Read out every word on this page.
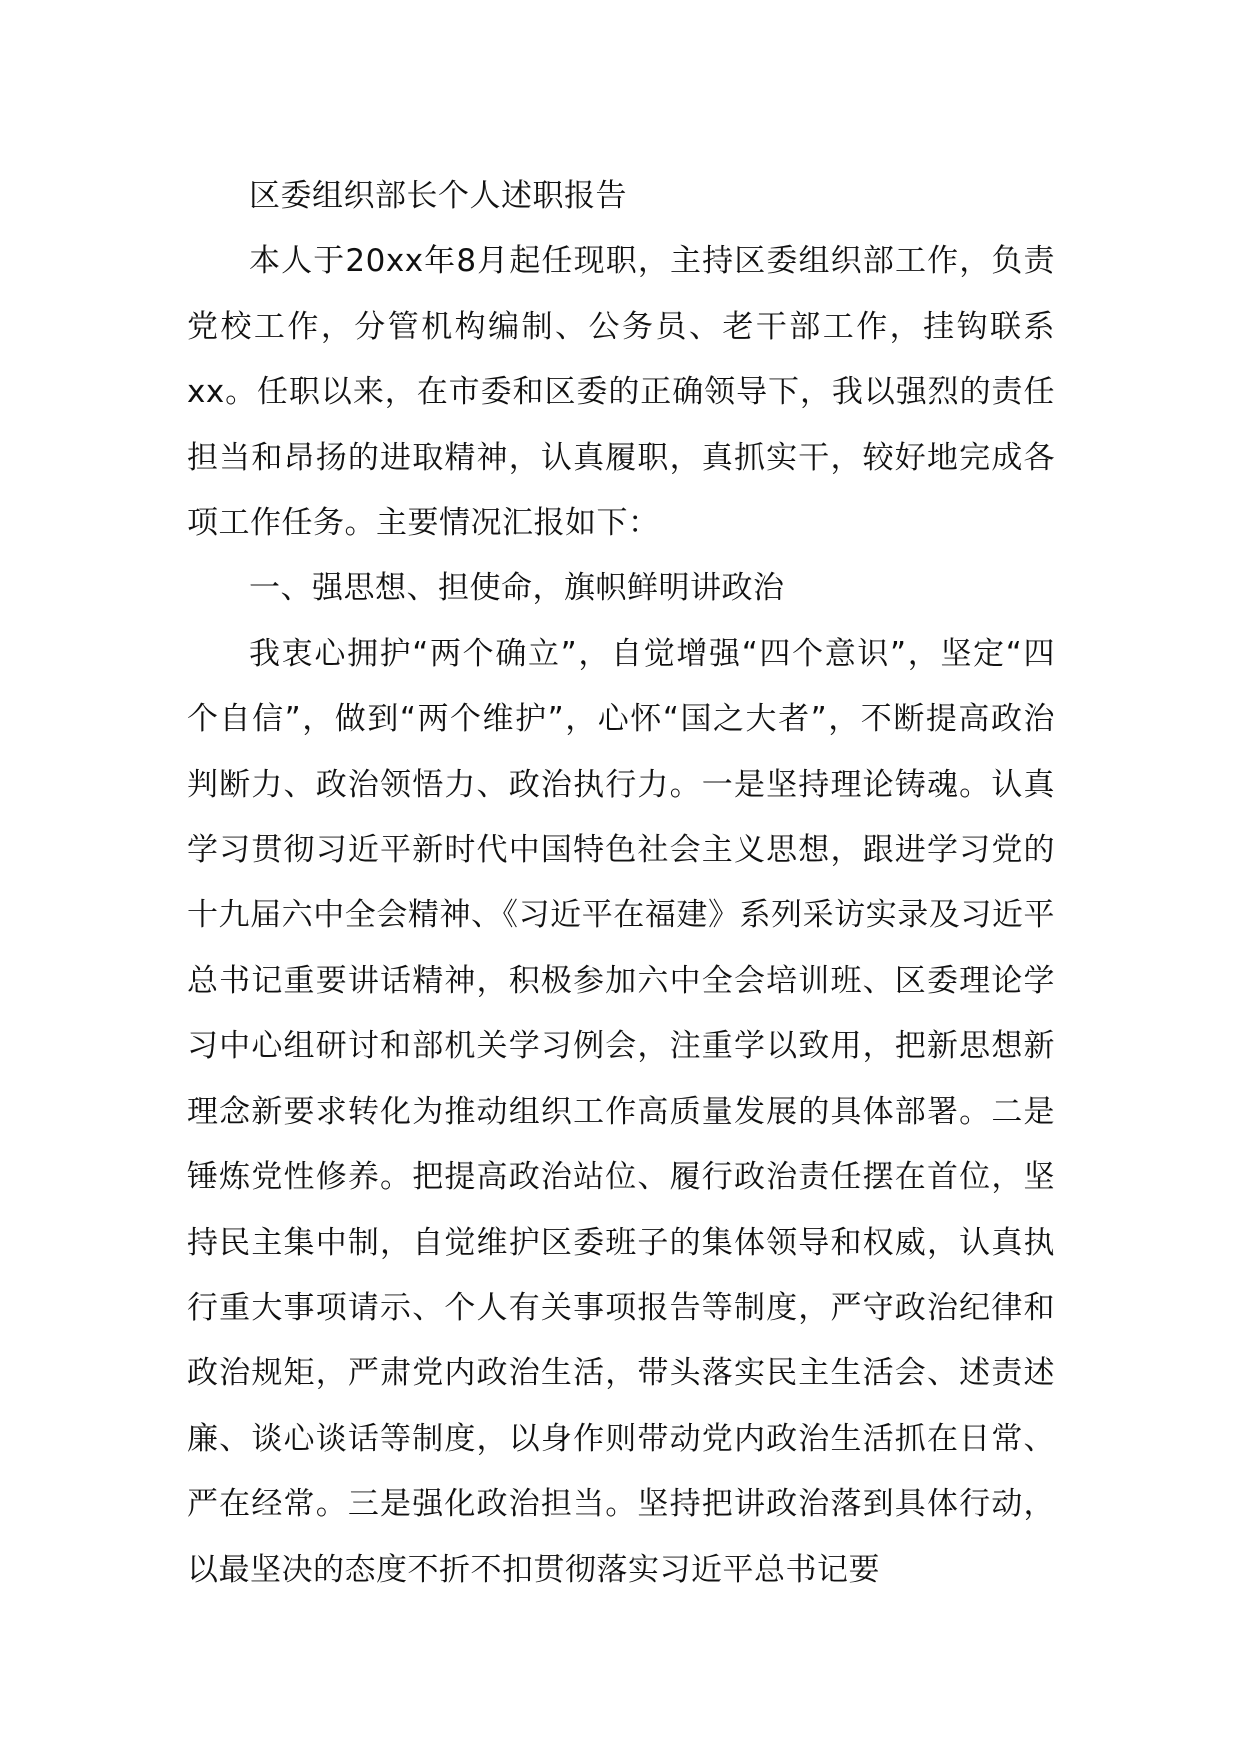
区委组织部长个人述职报告

本人于20xx年8月起任现职，主持区委组织部工作，负责党校工作，分管机构编制、公务员、老干部工作，挂钩联系xx。任职以来，在市委和区委的正确领导下，我以强烈的责任担当和昂扬的进取精神，认真履职，真抓实干，较好地完成各项工作任务。主要情况汇报如下：

一、强思想、担使命，旗帜鲜明讲政治

我衷心拥护“两个确立”，自觉增强“四个意识”，坚定“四个自信”，做到“两个维护”，心怀“国之大者”，不断提高政治判断力、政治领悟力、政治执行力。一是坚持理论铸魂。认真学习贯彻习近平新时代中国特色社会主义思想，跟进学习党的十九届六中全会精神、《习近平在福建》系列采访实录及习近平总书记重要讲话精神，积极参加六中全会培训班、区委理论学习中心组研讨和部机关学习例会，注重学以致用，把新思想新理念新要求转化为推动组织工作高质量发展的具体部署。二是锤炼党性修养。把提高政治站位、履行政治责任摆在首位，坚持民主集中制，自觉维护区委班子的集体领导和权威，认真执行重大事项请示、个人有关事项报告等制度，严守政治纪律和政治规矩，严肃党内政治生活，带头落实民主生活会、述责述廉、谈心谈话等制度，以身作则带动党内政治生活抓在日常、严在经常。三是强化政治担当。坚持把讲政治落到具体行动，以最坚决的态度不折不扣贯彻落实习近平总书记要
